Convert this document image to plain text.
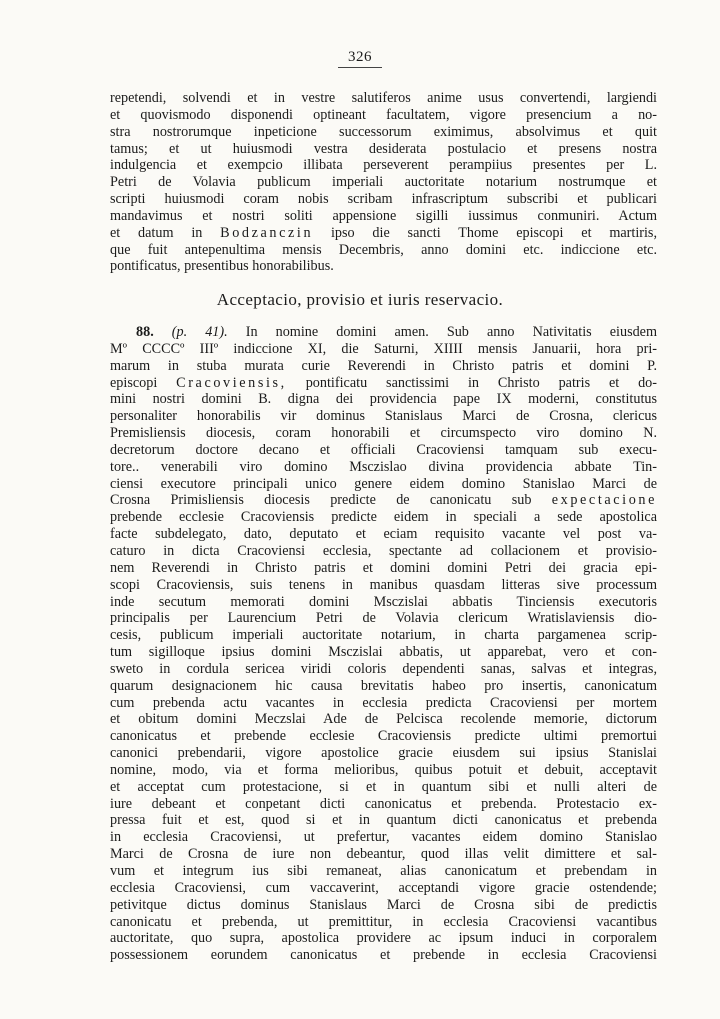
326
repetendi, solvendi et in vestre salutiferos anime usus convertendi, largiendi
et quovismodo disponendi optineant facultatem, vigore presencium a no-
stra nostrorumque inpeticione successorum eximimus, absolvimus et quit
tamus; et ut huiusmodi vestra desiderata postulacio et presens nostra
indulgencia et exempcio illibata perseverent perampiius presentes per L.
Petri de Volavia publicum imperiali auctoritate notarium nostrumque et
scripti huiusmodi coram nobis scribam infrascriptum subscribi et publicari
mandavimus et nostri soliti appensione sigilli iussimus conmuniri. Actum
et datum in Bodzanczin ipso die sancti Thome episcopi et martiris,
que fuit antepenultima mensis Decembris, anno domini etc. indiccione etc.
pontificatus, presentibus honorabilibus.
Acceptacio, provisio et iuris reservacio.
88. (p. 41). In nomine domini amen. Sub anno Nativitatis eiusdem
Mº CCCCº IIIº indiccione XI, die Saturni, XIIII mensis Januarii, hora pri-
marum in stuba murata curie Reverendi in Christo patris et domini P.
episcopi Cracoviensis, pontificatu sanctissimi in Christo patris et do-
mini nostri domini B. digna dei providencia pape IX moderni, constitutus
personaliter honorabilis vir dominus Stanislaus Marci de Crosna, clericus
Premisliensis diocesis, coram honorabili et circumspecto viro domino N.
decretorum doctore decano et officiali Cracoviensi tamquam sub execu-
tore.. venerabili viro domino Msczislao divina providencia abbate Tin-
ciensi executore principali unico genere eidem domino Stanislao Marci de
Crosna Primisliensis diocesis predicte de canonicatu sub expectacione
prebende ecclesie Cracoviensis predicte eidem in speciali a sede apostolica
facte subdelegato, dato, deputato et eciam requisito vacante vel post va-
caturo in dicta Cracoviensi ecclesia, spectante ad collacionem et provisio-
nem Reverendi in Christo patris et domini domini Petri dei gracia epi-
scopi Cracoviensis, suis tenens in manibus quasdam litteras sive processum
inde secutum memorati domini Msczislai abbatis Tinciensis executoris
principalis per Laurencium Petri de Volavia clericum Wratislaviensis dio-
cesis, publicum imperiali auctoritate notarium, in charta pargamenea scrip-
tum sigilloque ipsius domini Msczislai abbatis, ut apparebat, vero et con-
sweto in cordula sericea viridi coloris dependenti sanas, salvas et integras,
quarum designacionem hic causa brevitatis habeo pro insertis, canonicatum
cum prebenda actu vacantes in ecclesia predicta Cracoviensi per mortem
et obitum domini Meczslai Ade de Pelcisca recolende memorie, dictorum
canonicatus et prebende ecclesie Cracoviensis predicte ultimi premortui
canonici prebendarii, vigore apostolice gracie eiusdem sui ipsius Stanislai
nomine, modo, via et forma melioribus, quibus potuit et debuit, acceptavit
et acceptat cum protestacione, si et in quantum sibi et nulli alteri de
iure debeant et conpetant dicti canonicatus et prebenda. Protestacio ex-
pressa fuit et est, quod si et in quantum dicti canonicatus et prebenda
in ecclesia Cracoviensi, ut prefertur, vacantes eidem domino Stanislao
Marci de Crosna de iure non debeantur, quod illas velit dimittere et sal-
vum et integrum ius sibi remaneat, alias canonicatum et prebendam in
ecclesia Cracoviensi, cum vaccaverint, acceptandi vigore gracie ostendende;
petivitque dictus dominus Stanislaus Marci de Crosna sibi de predictis
canonicatu et prebenda, ut premittitur, in ecclesia Cracoviensi vacantibus
auctoritate, quo supra, apostolica providere ac ipsum induci in corporalem
possessionem eorundem canonicatus et prebende in ecclesia Cracoviensi
